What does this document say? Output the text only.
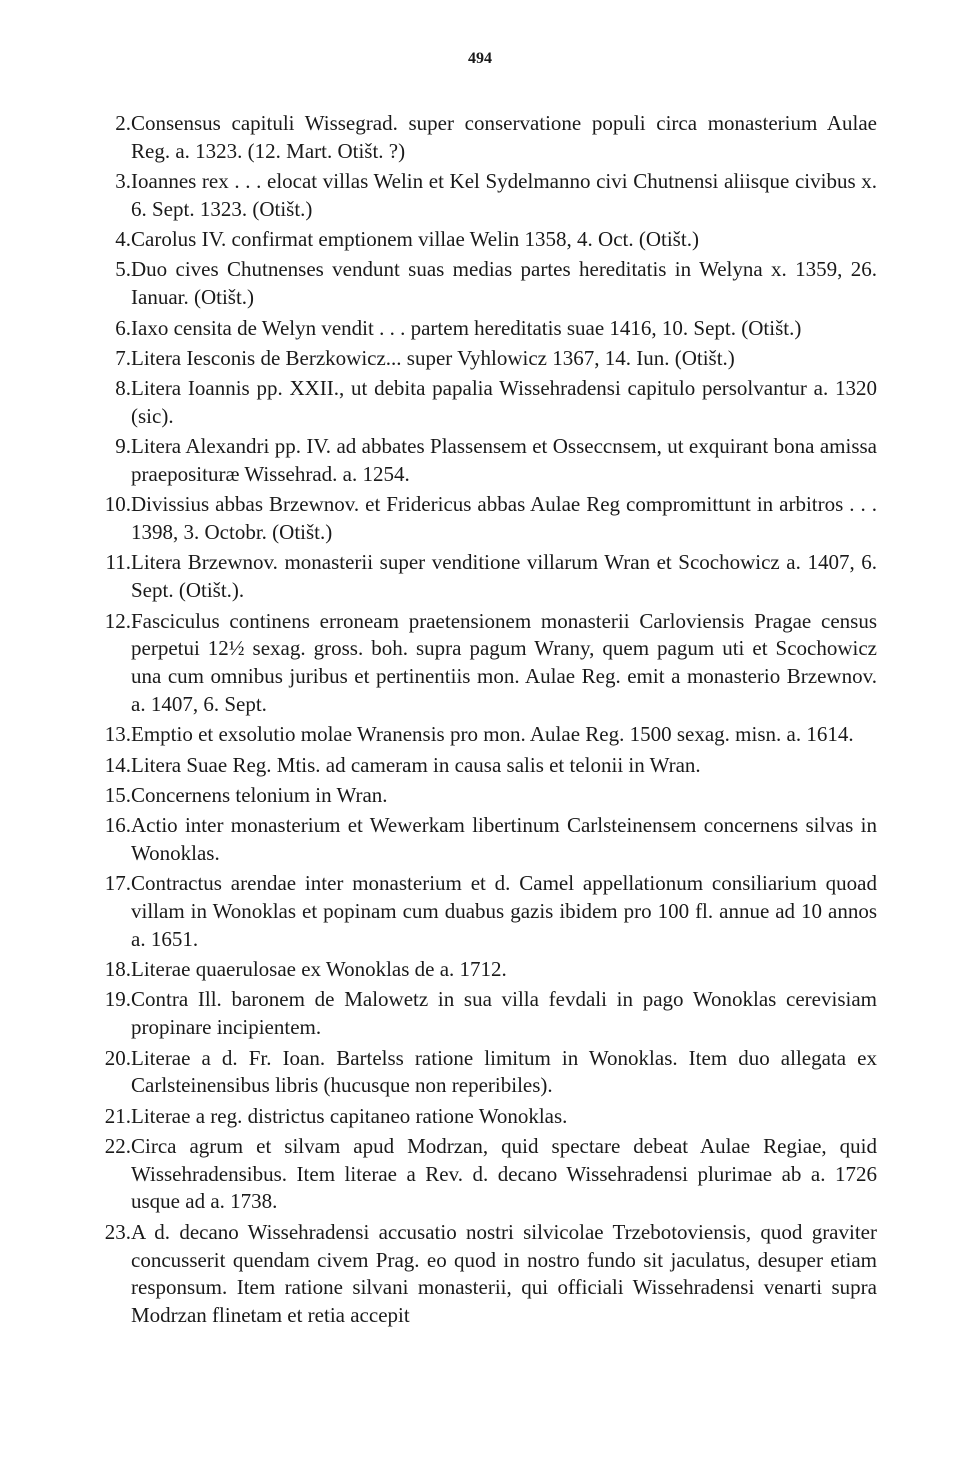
494
2. Consensus capituli Wissegrad. super conservatione populi circa monasterium Aulae Reg. a. 1323. (12. Mart. Otišt. ?)
3. Ioannes rex . . . elocat villas Welin et Kel Sydelmanno civi Chutnensi aliisque civibus x. 6. Sept. 1323. (Otišt.)
4. Carolus IV. confirmat emptionem villae Welin 1358, 4. Oct. (Otišt.)
5. Duo cives Chutnenses vendunt suas medias partes hereditatis in Welyna x. 1359, 26. Ianuar. (Otišt.)
6. Iaxo censita de Welyn vendit . . . partem hereditatis suae 1416, 10. Sept. (Otišt.)
7. Litera Iesconis de Berzkowicz... super Vyhlowicz 1367, 14. Iun. (Otišt.)
8. Litera Ioannis pp. XXII., ut debita papalia Wissehradensi capitulo persolvantur a. 1320 (sic).
9. Litera Alexandri pp. IV. ad abbates Plassensem et Osseccnsem, ut exquirant bona amissa praeposituræ Wissehrad. a. 1254.
10. Divissius abbas Brzewnov. et Fridericus abbas Aulae Reg compromittunt in arbitros . . . 1398, 3. Octobr. (Otišt.)
11. Litera Brzewnov. monasterii super venditione villarum Wran et Scochowicz a. 1407, 6. Sept. (Otišt.).
12. Fasciculus continens erroneam praetensionem monasterii Carloviensis Pragae census perpetui 12½ sexag. gross. boh. supra pagum Wrany, quem pagum uti et Scochowicz una cum omnibus juribus et pertinentiis mon. Aulae Reg. emit a monasterio Brzewnov. a. 1407, 6. Sept.
13. Emptio et exsolutio molae Wranensis pro mon. Aulae Reg. 1500 sexag. misn. a. 1614.
14. Litera Suae Reg. Mtis. ad cameram in causa salis et telonii in Wran.
15. Concernens telonium in Wran.
16. Actio inter monasterium et Wewerkam libertinum Carlsteinensem concernens silvas in Wonoklas.
17. Contractus arendae inter monasterium et d. Camel appellationum consiliarium quoad villam in Wonoklas et popinam cum duabus gazis ibidem pro 100 fl. annue ad 10 annos a. 1651.
18. Literae quaerulosae ex Wonoklas de a. 1712.
19. Contra Ill. baronem de Malowetz in sua villa fevdali in pago Wonoklas cerevisiam propinare incipientem.
20. Literae a d. Fr. Ioan. Bartelss ratione limitum in Wonoklas. Item duo allegata ex Carlsteinensibus libris (hucusque non reperibiles).
21. Literae a reg. districtus capitaneo ratione Wonoklas.
22. Circa agrum et silvam apud Modrzan, quid spectare debeat Aulae Regiae, quid Wissehradensibus. Item literae a Rev. d. decano Wissehradensi plurimae ab a. 1726 usque ad a. 1738.
23. A d. decano Wissehradensi accusatio nostri silvicolae Trzebotoviensis, quod graviter concusserit quendam civem Prag. eo quod in nostro fundo sit jaculatus, desuper etiam responsum. Item ratione silvani monasterii, qui officiali Wissehradensi venarti supra Modrzan flinetam et retia accepit
